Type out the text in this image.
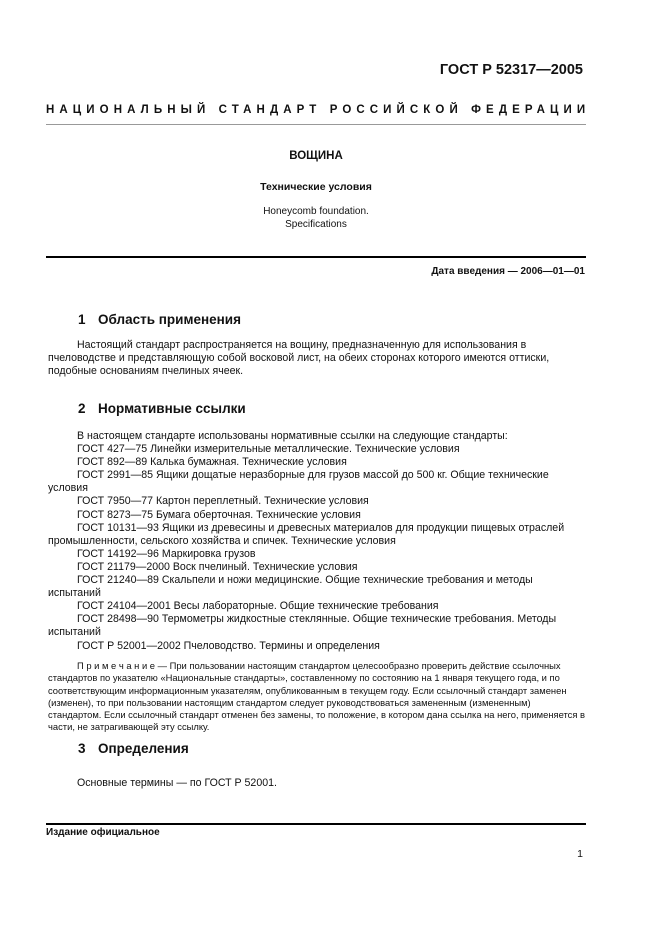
ГОСТ Р 52317—2005
НАЦИОНАЛЬНЫЙ СТАНДАРТ РОССИЙСКОЙ ФЕДЕРАЦИИ
ВОЩИНА
Технические условия
Honeycomb foundation.
Specifications
Дата введения — 2006—01—01
1 Область применения

Настоящий стандарт распространяется на вощину, предназначенную для использования в пчеловодстве и представляющую собой восковой лист, на обеих сторонах которого имеются оттиски, подобные основаниям пчелиных ячеек.

2 Нормативные ссылки

В настоящем стандарте использованы нормативные ссылки на следующие стандарты:

ГОСТ 427—75 Линейки измерительные металлические. Технические условия

ГОСТ 892—89 Калька бумажная. Технические условия

ГОСТ 2991—85 Ящики дощатые неразборные для грузов массой до 500 кг. Общие технические условия

ГОСТ 7950—77 Картон переплетный. Технические условия

ГОСТ 8273—75 Бумага оберточная. Технические условия

ГОСТ 10131—93 Ящики из древесины и древесных материалов для продукции пищевых отраслей промышленности, сельского хозяйства и спичек. Технические условия

ГОСТ 14192—96 Маркировка грузов

ГОСТ 21179—2000 Воск пчелиный. Технические условия

ГОСТ 21240—89 Скальпели и ножи медицинские. Общие технические требования и методы испытаний

ГОСТ 24104—2001 Весы лабораторные. Общие технические требования

ГОСТ 28498—90 Термометры жидкостные стеклянные. Общие технические требования. Методы испытаний

ГОСТ Р 52001—2002 Пчеловодство. Термины и определения

П р и м е ч а н и е — При пользовании настоящим стандартом целесообразно проверить действие ссылочных стандартов по указателю «Национальные стандарты», составленному по состоянию на 1 января текущего года, и по соответствующим информационным указателям, опубликованным в текущем году. Если ссылочный стандарт заменен (изменен), то при пользовании настоящим стандартом следует руководствоваться замененным (измененным) стандартом. Если ссылочный стандарт отменен без замены, то положение, в котором дана ссылка на него, применяется в части, не затрагивающей эту ссылку.

3 Определения

Основные термины — по ГОСТ Р 52001.

Издание официальное
1
